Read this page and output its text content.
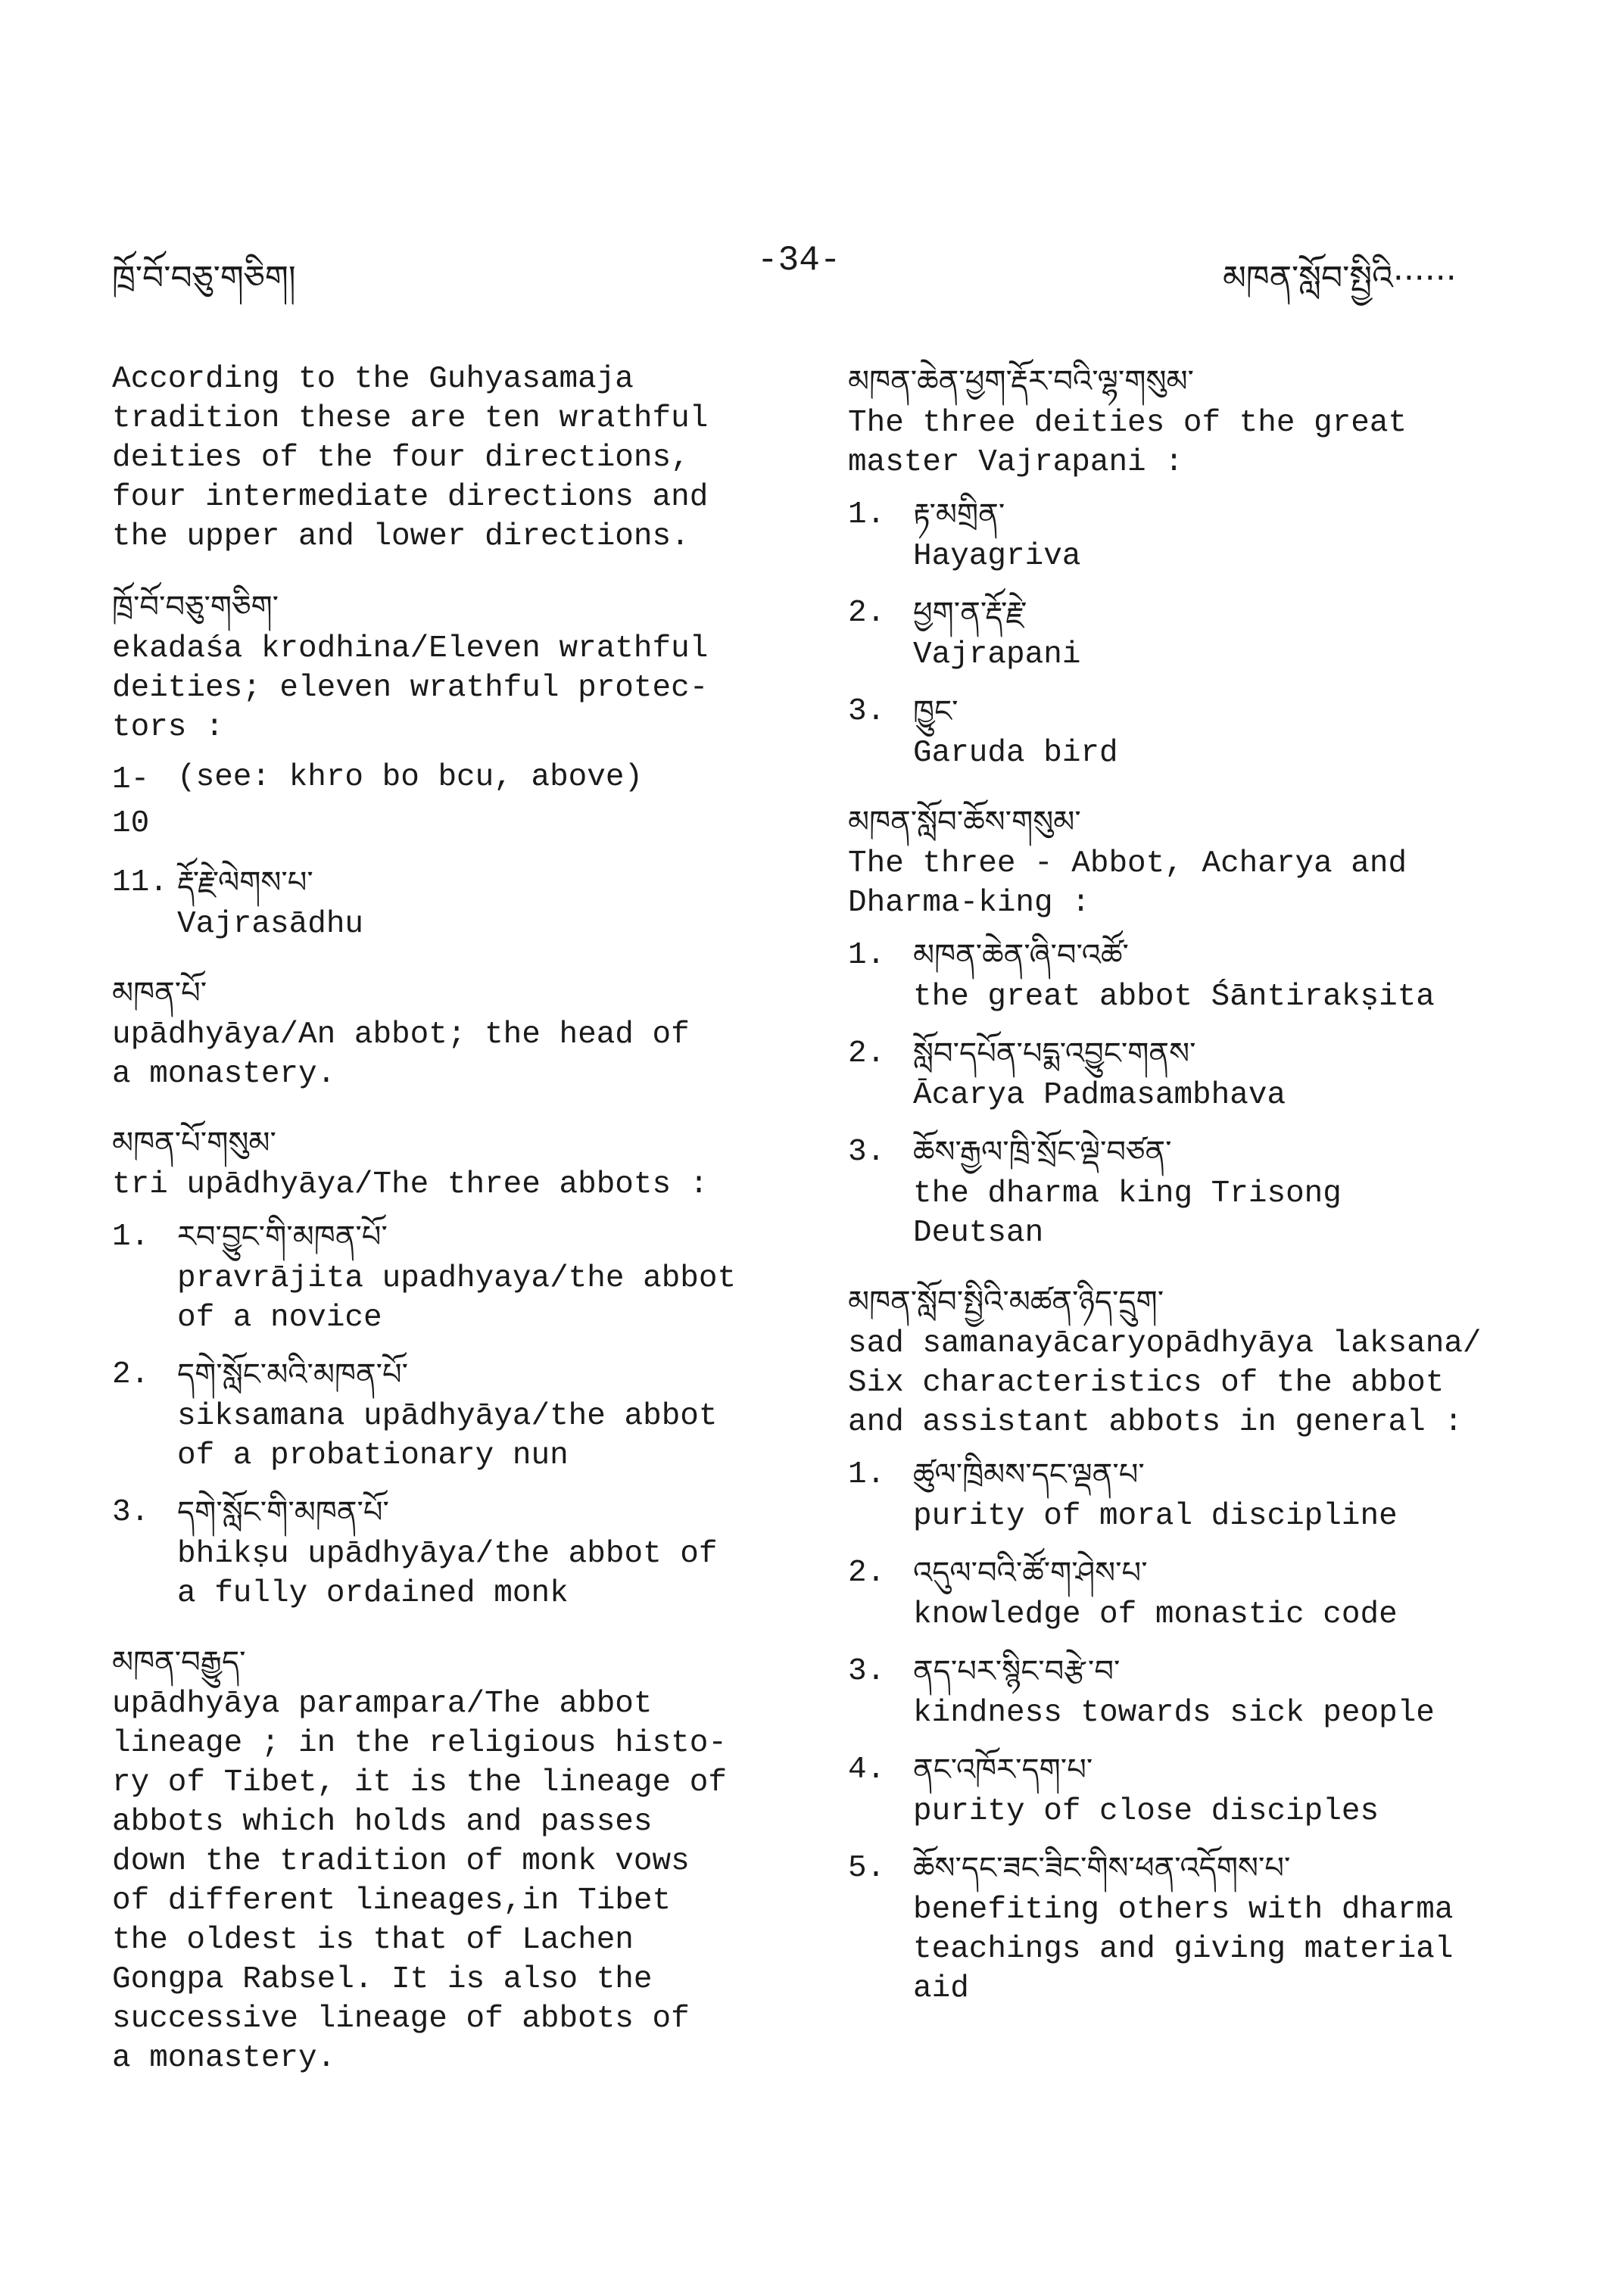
ཁྲོ་བོ་བཅུ་གཅིག།	-34-	མཁན་སློབ་སྤྱིའི······

According to the Guhyasamaja
tradition these are ten wrathful
deities of the four directions,
four intermediate directions and
the upper and lower directions.

ཁྲོ་བོ་བཅུ་གཅིག་
ekadaśa krodhina/Eleven wrathful
deities; eleven wrathful protec-
tors :
1-10
(see: khro bo bcu, above)
11. རྡོ་རྗེ་ལེགས་པ་
Vajrasādhu
མཁན་པོ་
upādhyāya/An abbot; the head of
a monastery.
མཁན་པོ་གསུམ་
tri upādhyāya/The three abbots :
1. རབ་བྱུང་གི་མཁན་པོ་
pravrājita upadhyaya/the abbot
of a novice
2. དགེ་སློང་མའི་མཁན་པོ་
siksamana upādhyāya/the abbot
of a probationary nun
3. དགེ་སློང་གི་མཁན་པོ་
bhikṣu upādhyāya/the abbot of
a fully ordained monk
མཁན་བརྒྱུད་
upādhyāya parampara/The abbot
lineage ; in the religious histo-
ry of Tibet, it is the lineage of
abbots which holds and passes
down the tradition of monk vows
of different lineages,in Tibet
the oldest is that of Lachen
Gongpa Rabsel. It is also the
successive lineage of abbots of
a monastery.
མཁན་ཆེན་ཕྱག་རྡོར་བའི་ལྷ་གསུམ་
The three deities of the great
master Vajrapani :
1. རྟ་མགྲིན་
Hayagriva
2. ཕྱག་ན་རྡོ་རྗེ་
Vajrapani
3. ཁྱུང་
Garuda bird
མཁན་སློབ་ཆོས་གསུམ་
The three - Abbot, Acharya and
Dharma-king :
1. མཁན་ཆེན་ཞི་བ་འཚོ་
the great abbot Śāntirakṣita
2. སློབ་དཔོན་པདྨ་འབྱུང་གནས་
Ācarya Padmasambhava
3. ཆོས་རྒྱལ་ཁྲི་སྲོང་ལྡེ་བཙན་
the dharma king Trisong
Deutsan
མཁན་སློབ་སྤྱིའི་མཚན་ཉིད་དྲུག་
sad samanayācaryopādhyāya laksana/
Six characteristics of the abbot
and assistant abbots in general :
1. ཚུལ་ཁྲིམས་དང་ལྡན་པ་
purity of moral discipline
2. འདུལ་བའི་ཚོ་ག་ཤེས་པ་
knowledge of monastic code
3. ནད་པར་སྙིང་བརྩེ་བ་
kindness towards sick people
4. ནང་འཁོར་དག་པ་
purity of close disciples
5. ཆོས་དང་ཟང་ཟིང་གིས་ཕན་འདོགས་པ་
benefiting others with dharma
teachings and giving material
aid
